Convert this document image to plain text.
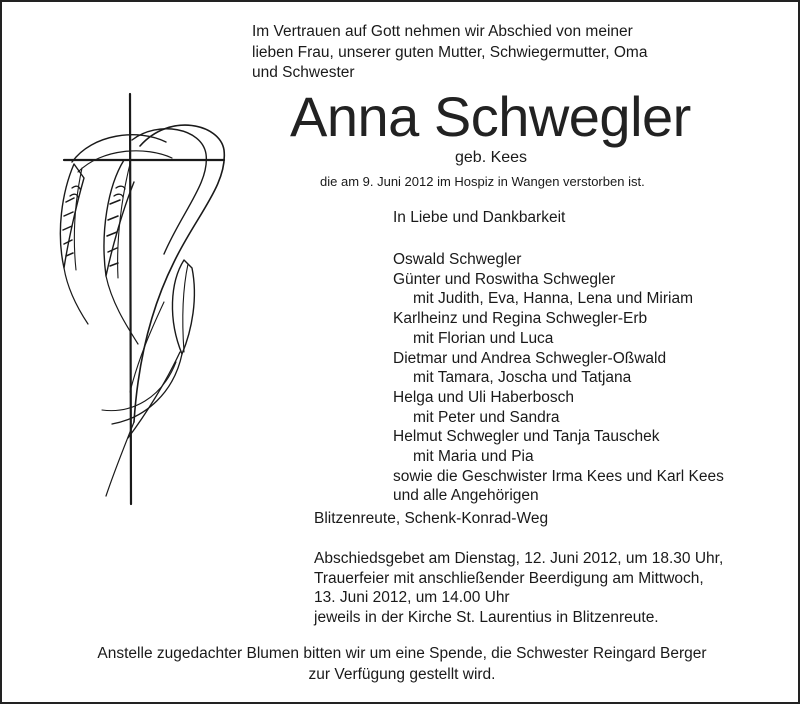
Im Vertrauen auf Gott nehmen wir Abschied von meiner
lieben Frau, unserer guten Mutter, Schwiegermutter, Oma
und Schwester
Anna Schwegler
geb. Kees
die am 9. Juni 2012 im Hospiz in Wangen verstorben ist.
In Liebe und Dankbarkeit
Oswald Schwegler
Günter und Roswitha Schwegler
mit Judith, Eva, Hanna, Lena und Miriam
Karlheinz und Regina Schwegler-Erb
mit Florian und Luca
Dietmar und Andrea Schwegler-Oßwald
mit Tamara, Joscha und Tatjana
Helga und Uli Haberbosch
mit Peter und Sandra
Helmut Schwegler und Tanja Tauschek
mit Maria und Pia
sowie die Geschwister Irma Kees und Karl Kees
und alle Angehörigen
Blitzenreute, Schenk-Konrad-Weg
Abschiedsgebet am Dienstag, 12. Juni 2012, um 18.30 Uhr,
Trauerfeier mit anschließender Beerdigung am Mittwoch,
13. Juni 2012, um 14.00 Uhr
jeweils in der Kirche St. Laurentius in Blitzenreute.
Anstelle zugedachter Blumen bitten wir um eine Spende, die Schwester Reingard Berger
zur Verfügung gestellt wird.
